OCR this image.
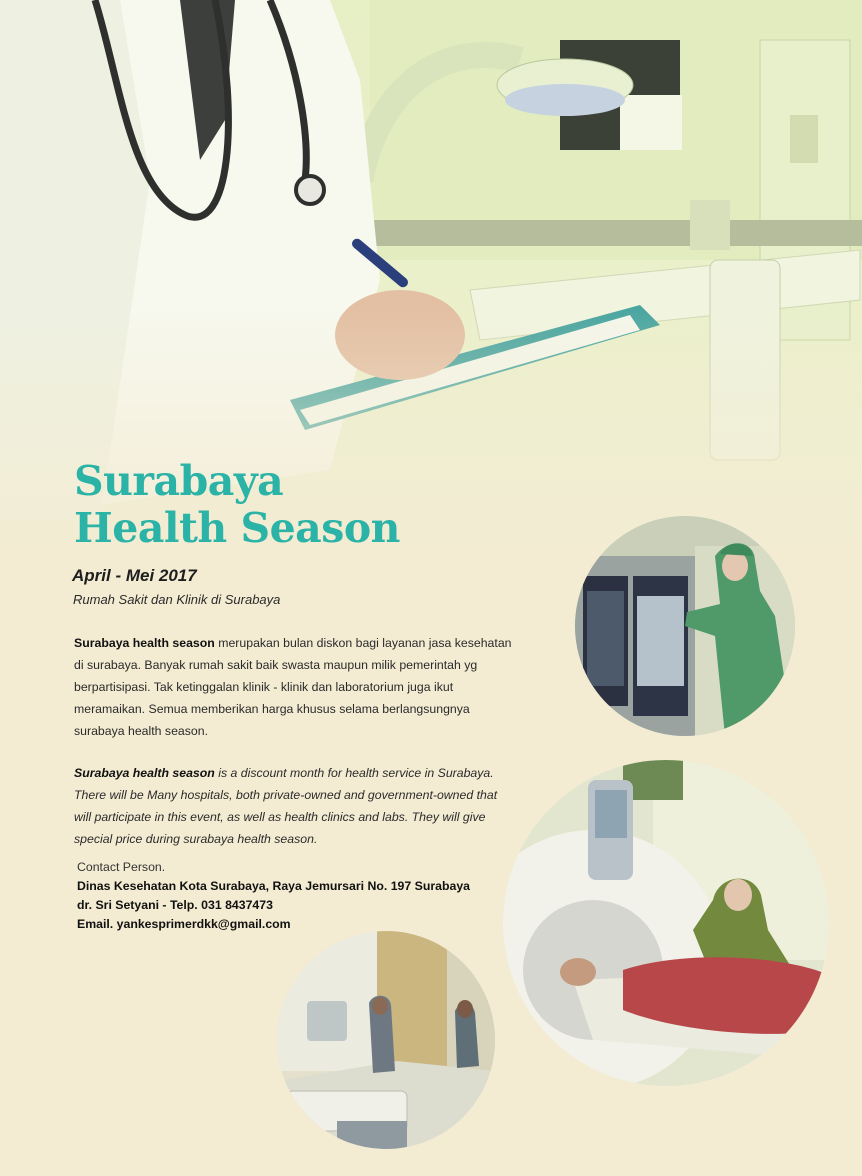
Surabaya
Health Season
April - Mei 2017
Rumah Sakit dan Klinik di Surabaya

Surabaya health season merupakan bulan diskon bagi layanan jasa kesehatan di surabaya. Banyak rumah sakit baik swasta maupun milik pemerintah yg berpartisipasi. Tak ketinggalan klinik - klinik dan laboratorium juga ikut meramaikan. Semua memberikan harga khusus selama berlangsungnya surabaya health season.

Surabaya health season is a discount month for health service in Surabaya. There will be Many hospitals, both private-owned and government-owned that will participate in this event, as well as health clinics and labs. They will give special price during surabaya health season.

Contact Person.
Dinas Kesehatan Kota Surabaya, Raya Jemursari No. 197 Surabaya
dr. Sri Setyani - Telp. 031 8437473
Email. yankesprimerdkk@gmail.com
